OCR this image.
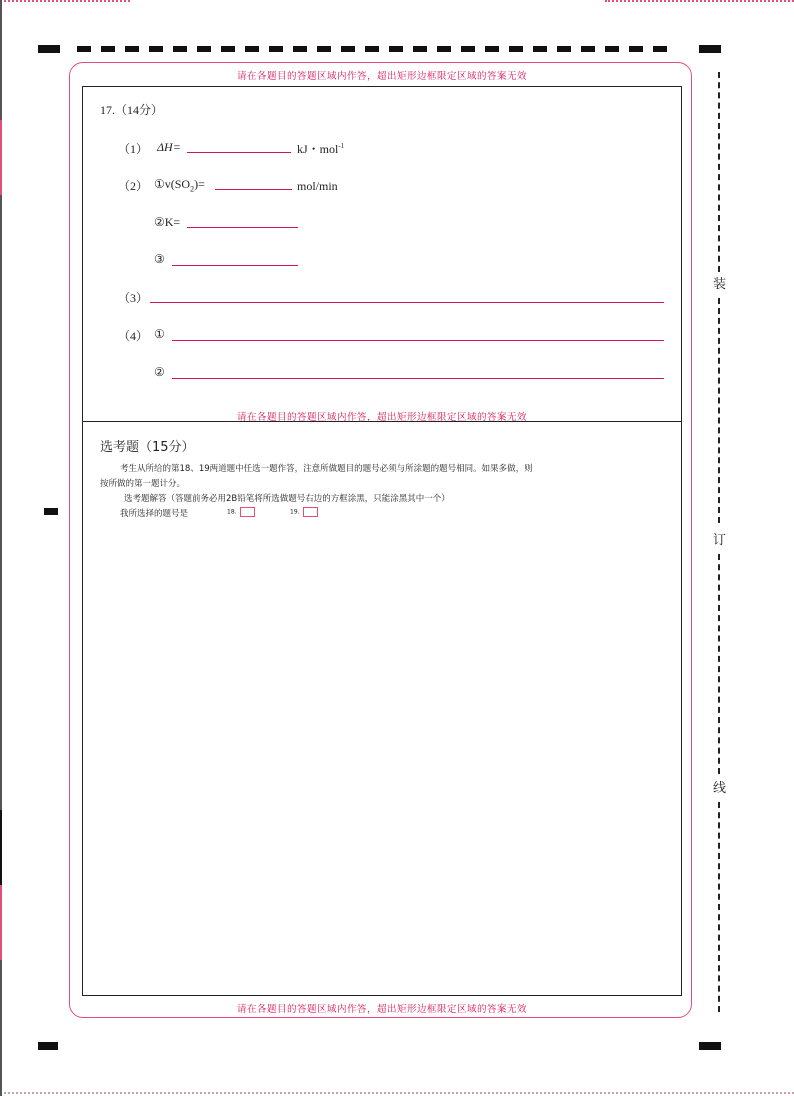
装
订
线
请在各题目的答题区域内作答，超出矩形边框限定区域的答案无效
请在各题目的答题区域内作答，超出矩形边框限定区域的答案无效
请在各题目的答题区域内作答，超出矩形边框限定区域的答案无效
17.（14分）
（1） ΔH=	kJ・mol$^{-1}$
（2） $①v(SO_2)=$	mol/min
②K=
③
（3）
（4） ①
②
选考题（15分）
考生从所给的第18、19两道题中任选一题作答，注意所做题目的题号必须与所涂题的题号相同。如果多做，则
按所做的第一题计分。
选考题解答（答题前务必用2B铅笔将所选做题号右边的方框涂黑，只能涂黑其中一个）
我所选择的题号是	18.	19.
